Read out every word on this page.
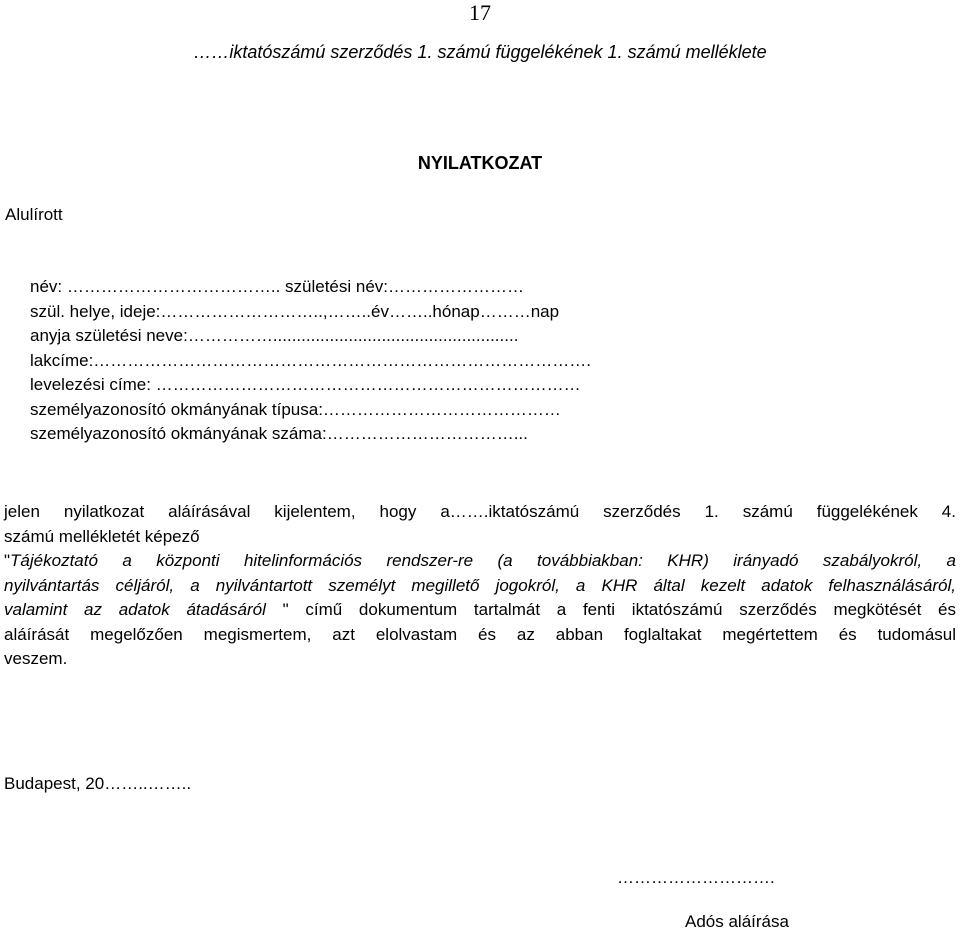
17
……iktatószámú szerződés 1. számú függelékének 1. számú melléklete
NYILATKOZAT
Alulírott
név: ……………………………….. születési név:……………………
szül. helye, ideje:………………………..,……..év……..hónap………nap
anyja születési neve:……………....................................................
lakcíme:…………………………………………………………………………….
levelezési címe: …………………………………………………………………
személyazonosító okmányának típusa:……………………………………
személyazonosító okmányának száma:……………………………...
jelen nyilatkozat aláírásával kijelentem, hogy a…….iktatószámú szerződés 1. számú függelékének 4.
számú mellékletét képező
"Tájékoztató a központi hitelinformációs rendszer-re (a továbbiakban: KHR) irányadó szabályokról, a
nyilvántartás céljáról, a nyilvántartott személyt megillető jogokról, a KHR által kezelt adatok felhasználásáról,
valamint az adatok átadásáról " című dokumentum tartalmát a fenti iktatószámú szerződés megkötését és
aláírását megelőzően megismertem, azt elolvastam és az abban foglaltakat megértettem és tudomásul
veszem.
Budapest, 20……..……..
……………………….
Adós aláírása
